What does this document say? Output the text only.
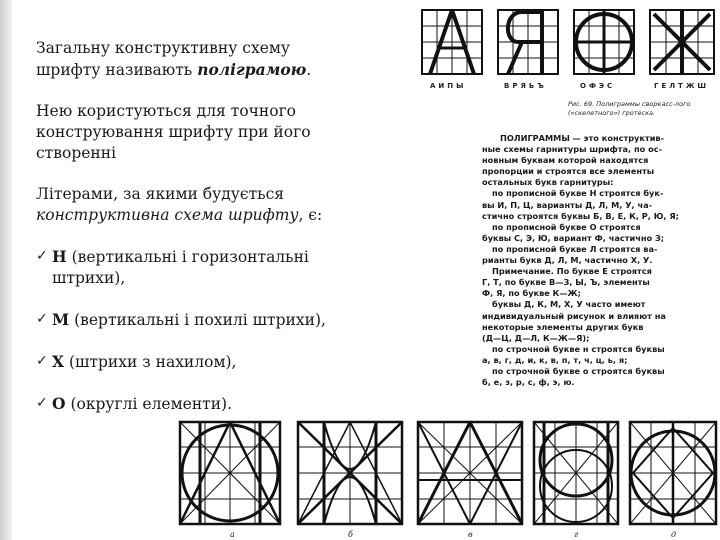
Загальну конструктивну схему шрифту називають поліграмою.

Нею користуються для точного конструювання шрифту при його створенні

Літерами, за якими будується конструктивна схема шрифту, є:

✓ Н (вертикальні і горизонтальні штрихи),
✓ М (вертикальні і похилі штрихи),
✓ Х (штрихи з нахилом),
✓ О (округлі елементи).
АИПЫ	ВРЯЬЪ	ОФЭС	ГЕЛТЖШ
Рис. 69. Полиграммы своркасс-лого («скелетного») гротеска.
ПОЛИГРАММЫ — это конструктив-
ные схемы гарнитуры шрифта, по ос-
новным буквам которой находятся
пропорции и строятся все элементы
остальных букв гарнитуры:
по прописной букве Н строятся бук-
вы И, П, Ц, варианты Д, Л, М, У, ча-
стично строятся буквы Б, В, Е, К, Р, Ю, Я;
по прописной букве О строятся
буквы С, Э, Ю, вариант Ф, частично З;
по прописной букве Л строятся ва-
рианты букв Д, Л, М, частично Х, У.
Примечание. По букве Е строятся
Г, Т, по букве В—З, Ы, Ъ, элементы
Ф, Я, по букве К—Ж;
буквы Д, К, М, Х, У часто имеют
индивидуальный рисунок и влияют на
некоторые элементы других букв
(Д—Ц, Д—Л, К—Ж—Я);
по строчной букве н строятся буквы
а, в, г, д, и, к, в, п, т, ч, ц, ь, я;
по строчной букве о строятся буквы
б, е, з, р, с, ф, э, ю.
а	б	в	г	д
